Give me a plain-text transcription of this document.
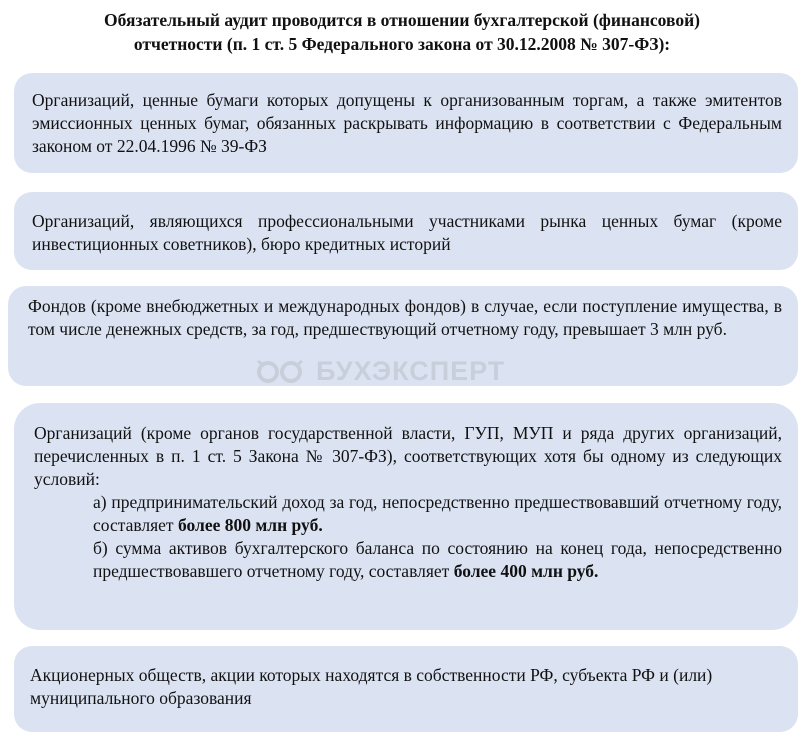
Обязательный аудит проводится в отношении бухгалтерской (финансовой)
отчетности (п. 1 ст. 5 Федерального закона от 30.12.2008 № 307-ФЗ):

Организаций, ценные бумаги которых допущены к организованным торгам, а также эмитентов эмиссионных ценных бумаг, обязанных раскрывать информацию в соответствии с Федеральным законом от 22.04.1996 № 39-ФЗ

Организаций, являющихся профессиональными участниками рынка ценных бумаг (кроме инвестиционных советников), бюро кредитных историй

Фондов (кроме внебюджетных и международных фондов) в случае, если поступление имущества, в том числе денежных средств, за год, предшествующий отчетному году, превышает 3 млн руб.

Организаций (кроме органов государственной власти, ГУП, МУП и ряда других организаций, перечисленных в п. 1 ст. 5 Закона № 307-ФЗ), соответствующих хотя бы одному из следующих условий:

а) предпринимательский доход за год, непосредственно предшествовавший отчетному году, составляет более 800 млн руб.

б) сумма активов бухгалтерского баланса по состоянию на конец года, непосредственно предшествовавшего отчетному году, составляет более 400 млн руб.

Акционерных обществ, акции которых находятся в собственности РФ, субъекта РФ и (или) муниципального образования

БУХЭКСПЕРТ
